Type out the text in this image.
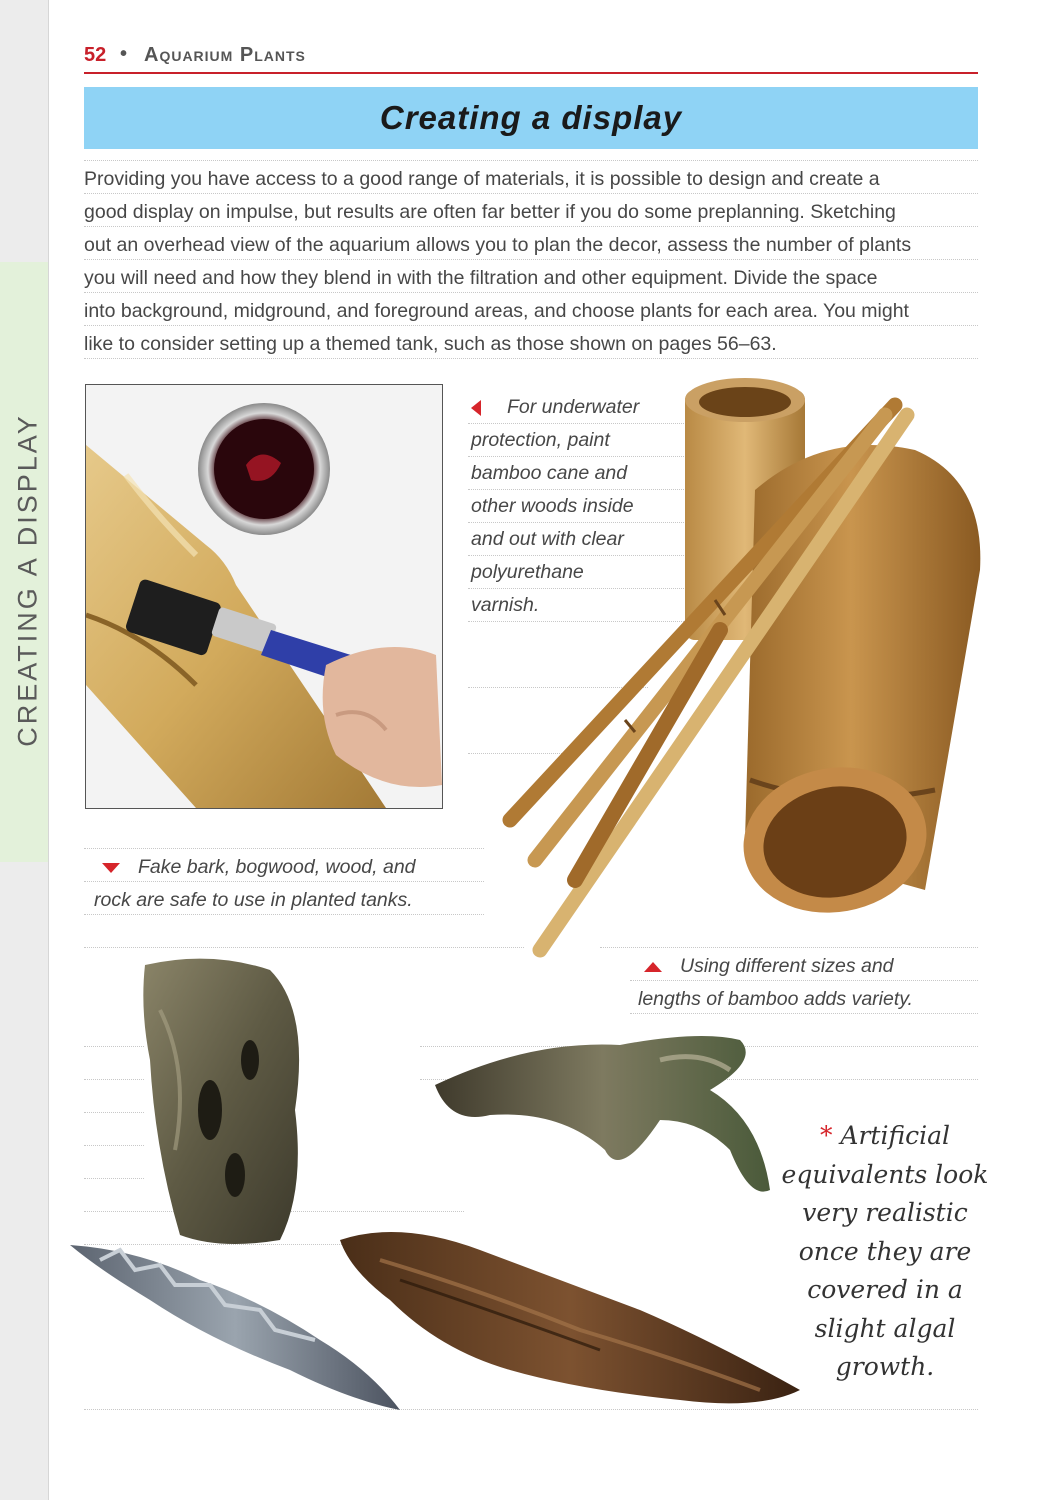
CREATING A DISPLAY
52 • Aquarium Plants
Creating a display
Providing you have access to a good range of materials, it is possible to design and create a
good display on impulse, but results are often far better if you do some preplanning. Sketching
out an overhead view of the aquarium allows you to plan the decor, assess the number of plants
you will need and how they blend in with the filtration and other equipment. Divide the space
into background, midground, and foreground areas, and choose plants for each area. You might
like to consider setting up a themed tank, such as those shown on pages 56–63.
For underwater
protection, paint
bamboo cane and
other woods inside
and out with clear
polyurethane
varnish.
Fake bark, bogwood, wood, and
rock are safe to use in planted tanks.
Using different sizes and
lengths of bamboo adds variety.
* Artificial
equivalents look
very realistic
once they are
covered in a
slight algal
growth.
